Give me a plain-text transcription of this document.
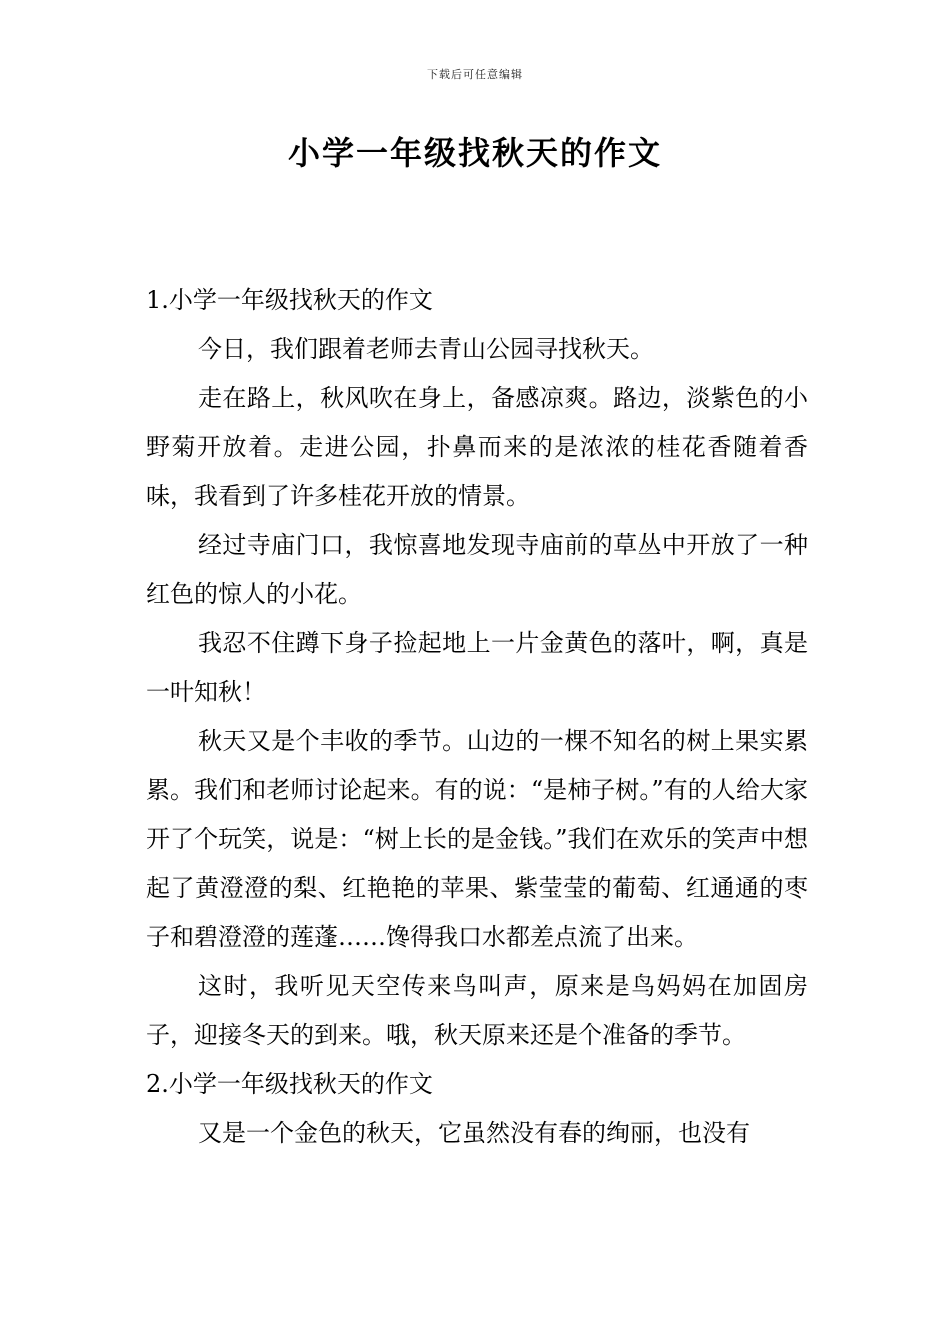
下载后可任意编辑
小学一年级找秋天的作文

1.小学一年级找秋天的作文

今日，我们跟着老师去青山公园寻找秋天。

走在路上，秋风吹在身上，备感凉爽。路边，淡紫色的小野菊开放着。走进公园，扑鼻而来的是浓浓的桂花香随着香味，我看到了许多桂花开放的情景。

经过寺庙门口，我惊喜地发现寺庙前的草丛中开放了一种红色的惊人的小花。

我忍不住蹲下身子捡起地上一片金黄色的落叶，啊，真是一叶知秋！

秋天又是个丰收的季节。山边的一棵不知名的树上果实累累。我们和老师讨论起来。有的说：“是柿子树。”有的人给大家开了个玩笑，说是：“树上长的是金钱。”我们在欢乐的笑声中想起了黄澄澄的梨、红艳艳的苹果、紫莹莹的葡萄、红通通的枣子和碧澄澄的莲蓬……馋得我口水都差点流了出来。

这时，我听见天空传来鸟叫声，原来是鸟妈妈在加固房子，迎接冬天的到来。哦，秋天原来还是个准备的季节。

2.小学一年级找秋天的作文

又是一个金色的秋天，它虽然没有春的绚丽，也没有
